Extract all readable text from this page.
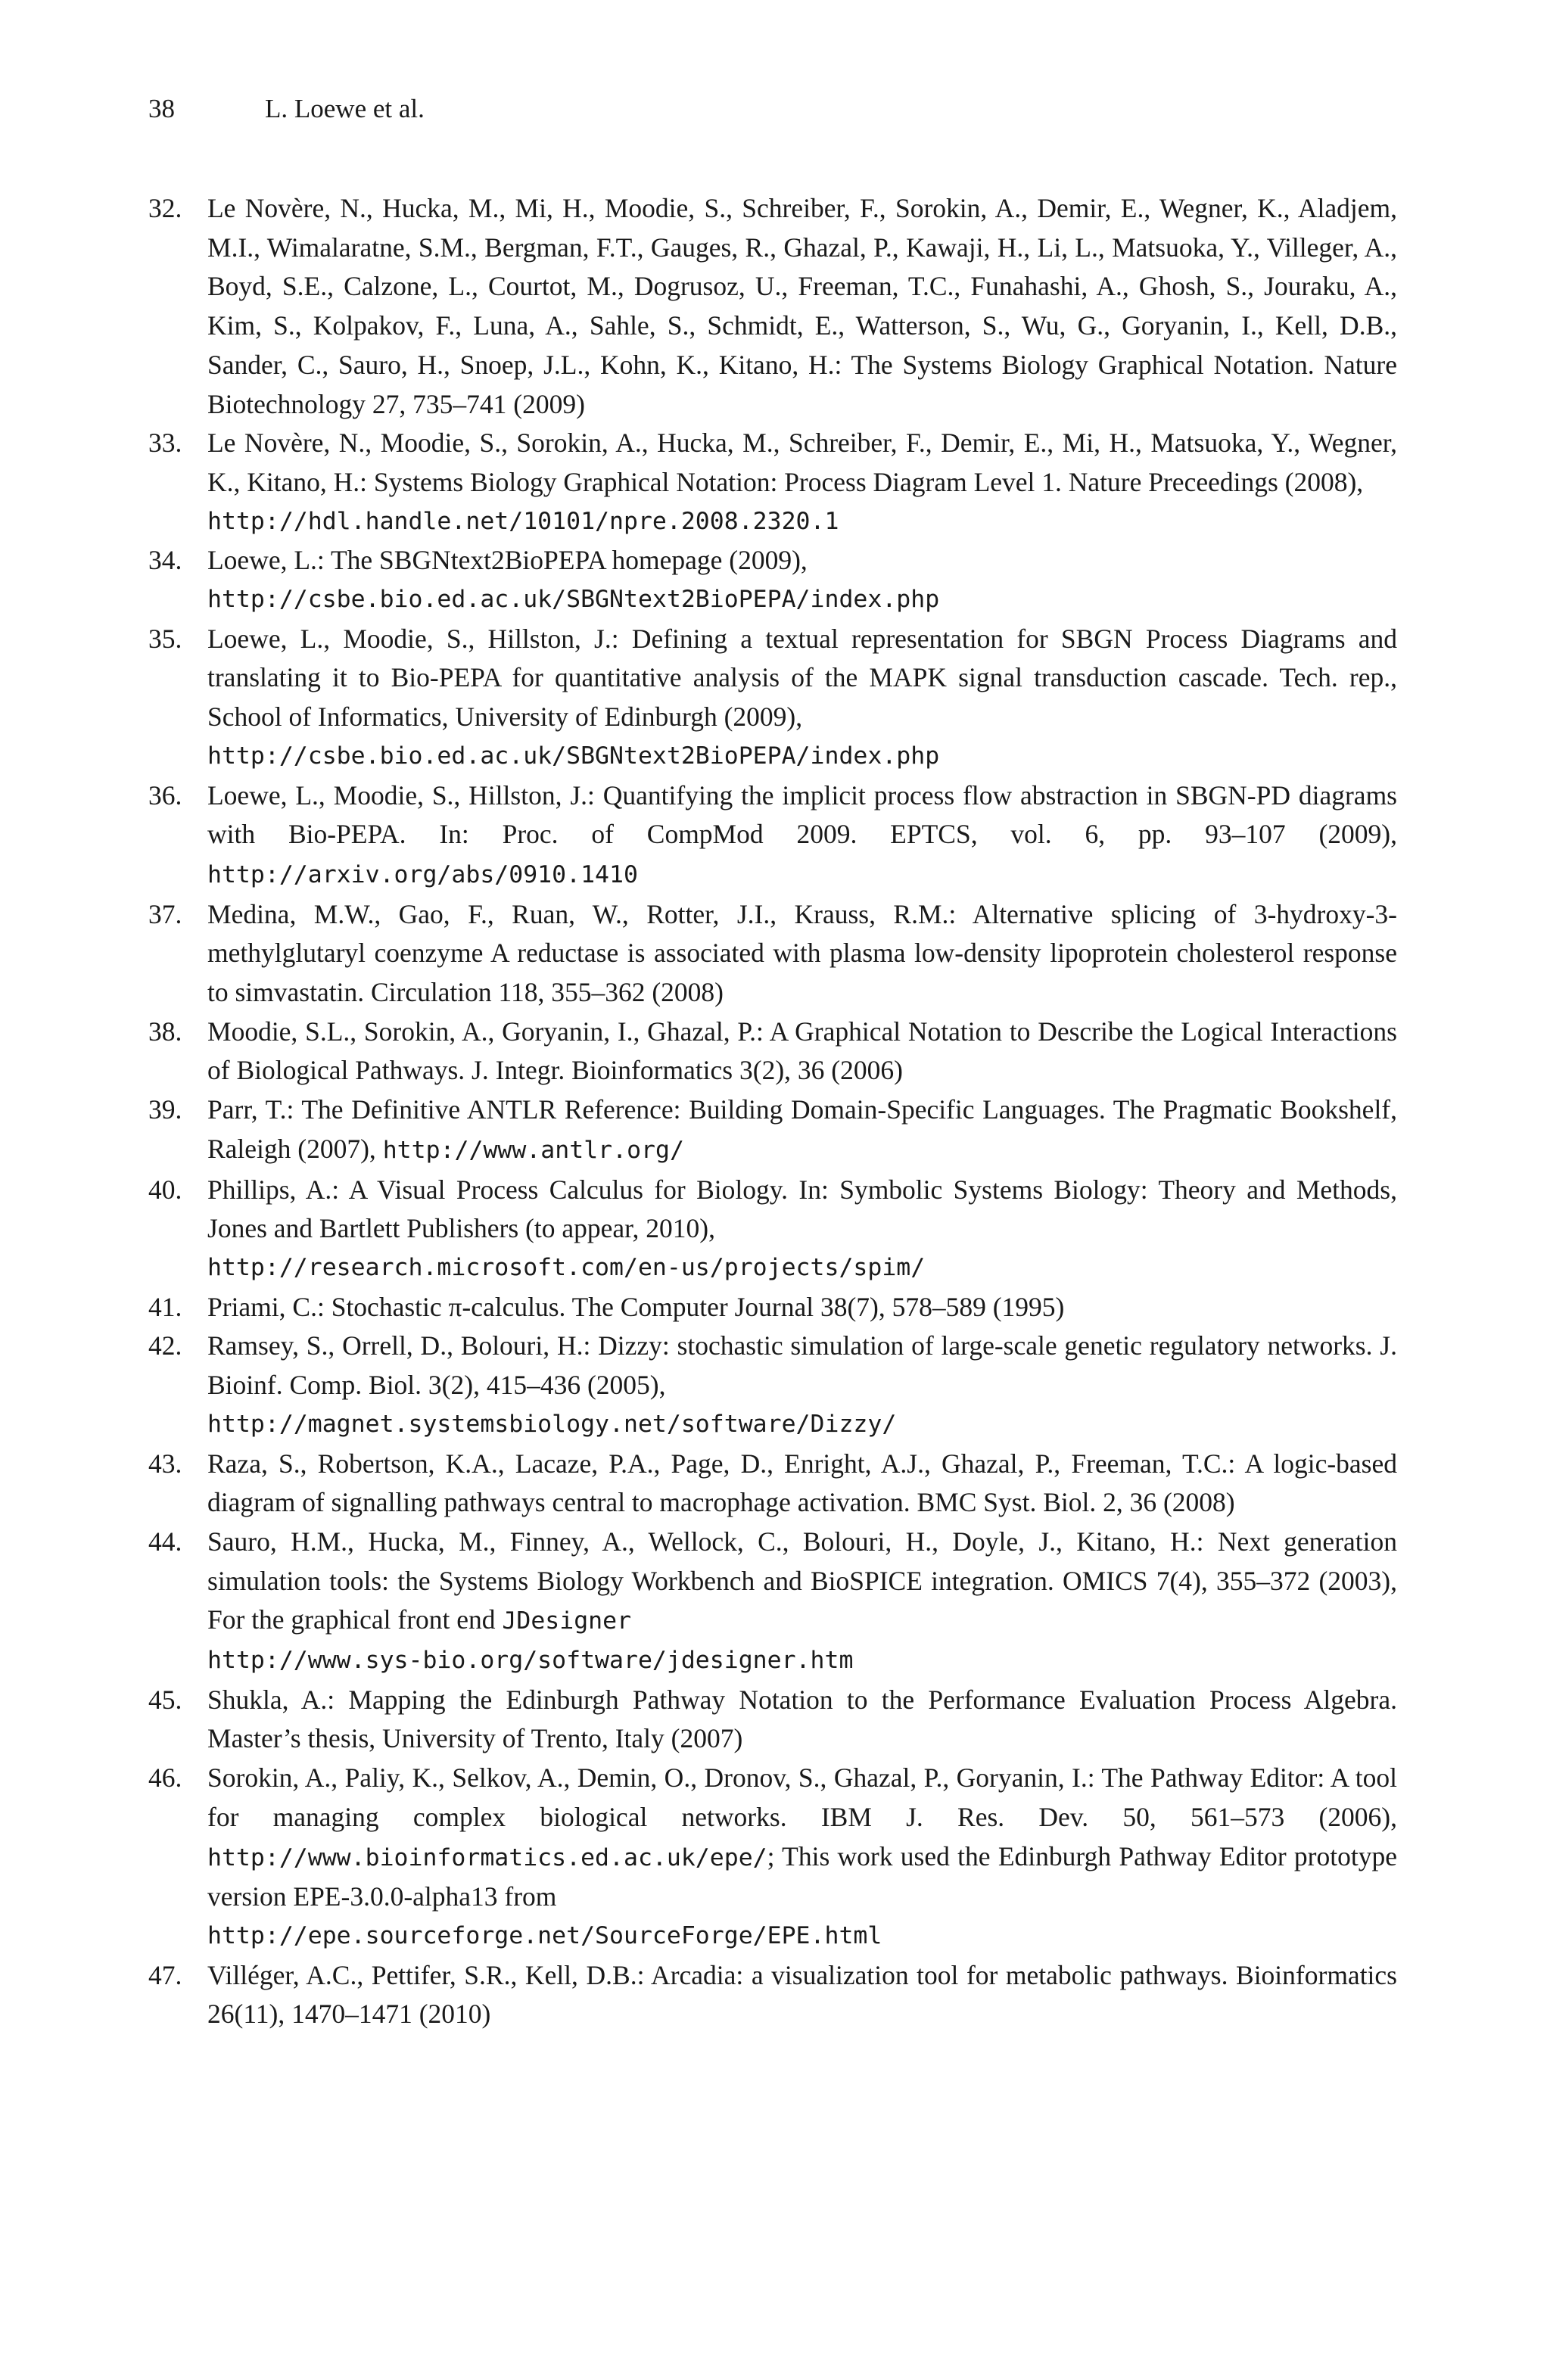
38	L. Loewe et al.
32. Le Novère, N., Hucka, M., Mi, H., Moodie, S., Schreiber, F., Sorokin, A., Demir, E., Wegner, K., Aladjem, M.I., Wimalaratne, S.M., Bergman, F.T., Gauges, R., Ghazal, P., Kawaji, H., Li, L., Matsuoka, Y., Villeger, A., Boyd, S.E., Calzone, L., Courtot, M., Dogrusoz, U., Freeman, T.C., Funahashi, A., Ghosh, S., Jouraku, A., Kim, S., Kolpakov, F., Luna, A., Sahle, S., Schmidt, E., Watterson, S., Wu, G., Goryanin, I., Kell, D.B., Sander, C., Sauro, H., Snoep, J.L., Kohn, K., Kitano, H.: The Systems Biology Graphical Notation. Nature Biotechnology 27, 735–741 (2009)
33. Le Novère, N., Moodie, S., Sorokin, A., Hucka, M., Schreiber, F., Demir, E., Mi, H., Matsuoka, Y., Wegner, K., Kitano, H.: Systems Biology Graphical Notation: Process Diagram Level 1. Nature Preceedings (2008),
http://hdl.handle.net/10101/npre.2008.2320.1
34. Loewe, L.: The SBGNtext2BioPEPA homepage (2009),
http://csbe.bio.ed.ac.uk/SBGNtext2BioPEPA/index.php
35. Loewe, L., Moodie, S., Hillston, J.: Defining a textual representation for SBGN Process Diagrams and translating it to Bio-PEPA for quantitative analysis of the MAPK signal transduction cascade. Tech. rep., School of Informatics, University of Edinburgh (2009),
http://csbe.bio.ed.ac.uk/SBGNtext2BioPEPA/index.php
36. Loewe, L., Moodie, S., Hillston, J.: Quantifying the implicit process flow abstraction in SBGN-PD diagrams with Bio-PEPA. In: Proc. of CompMod 2009. EPTCS, vol. 6, pp. 93–107 (2009), http://arxiv.org/abs/0910.1410
37. Medina, M.W., Gao, F., Ruan, W., Rotter, J.I., Krauss, R.M.: Alternative splicing of 3-hydroxy-3-methylglutaryl coenzyme A reductase is associated with plasma low-density lipoprotein cholesterol response to simvastatin. Circulation 118, 355–362 (2008)
38. Moodie, S.L., Sorokin, A., Goryanin, I., Ghazal, P.: A Graphical Notation to Describe the Logical Interactions of Biological Pathways. J. Integr. Bioinformatics 3(2), 36 (2006)
39. Parr, T.: The Definitive ANTLR Reference: Building Domain-Specific Languages. The Pragmatic Bookshelf, Raleigh (2007), http://www.antlr.org/
40. Phillips, A.: A Visual Process Calculus for Biology. In: Symbolic Systems Biology: Theory and Methods, Jones and Bartlett Publishers (to appear, 2010),
http://research.microsoft.com/en-us/projects/spim/
41. Priami, C.: Stochastic π-calculus. The Computer Journal 38(7), 578–589 (1995)
42. Ramsey, S., Orrell, D., Bolouri, H.: Dizzy: stochastic simulation of large-scale genetic regulatory networks. J. Bioinf. Comp. Biol. 3(2), 415–436 (2005),
http://magnet.systemsbiology.net/software/Dizzy/
43. Raza, S., Robertson, K.A., Lacaze, P.A., Page, D., Enright, A.J., Ghazal, P., Freeman, T.C.: A logic-based diagram of signalling pathways central to macrophage activation. BMC Syst. Biol. 2, 36 (2008)
44. Sauro, H.M., Hucka, M., Finney, A., Wellock, C., Bolouri, H., Doyle, J., Kitano, H.: Next generation simulation tools: the Systems Biology Workbench and BioSPICE integration. OMICS 7(4), 355–372 (2003), For the graphical front end JDesigner
http://www.sys-bio.org/software/jdesigner.htm
45. Shukla, A.: Mapping the Edinburgh Pathway Notation to the Performance Evaluation Process Algebra. Master’s thesis, University of Trento, Italy (2007)
46. Sorokin, A., Paliy, K., Selkov, A., Demin, O., Dronov, S., Ghazal, P., Goryanin, I.: The Pathway Editor: A tool for managing complex biological networks. IBM J. Res. Dev. 50, 561–573 (2006), http://www.bioinformatics.ed.ac.uk/epe/; This work used the Edinburgh Pathway Editor prototype version EPE-3.0.0-alpha13 from
http://epe.sourceforge.net/SourceForge/EPE.html
47. Villéger, A.C., Pettifer, S.R., Kell, D.B.: Arcadia: a visualization tool for metabolic pathways. Bioinformatics 26(11), 1470–1471 (2010)
